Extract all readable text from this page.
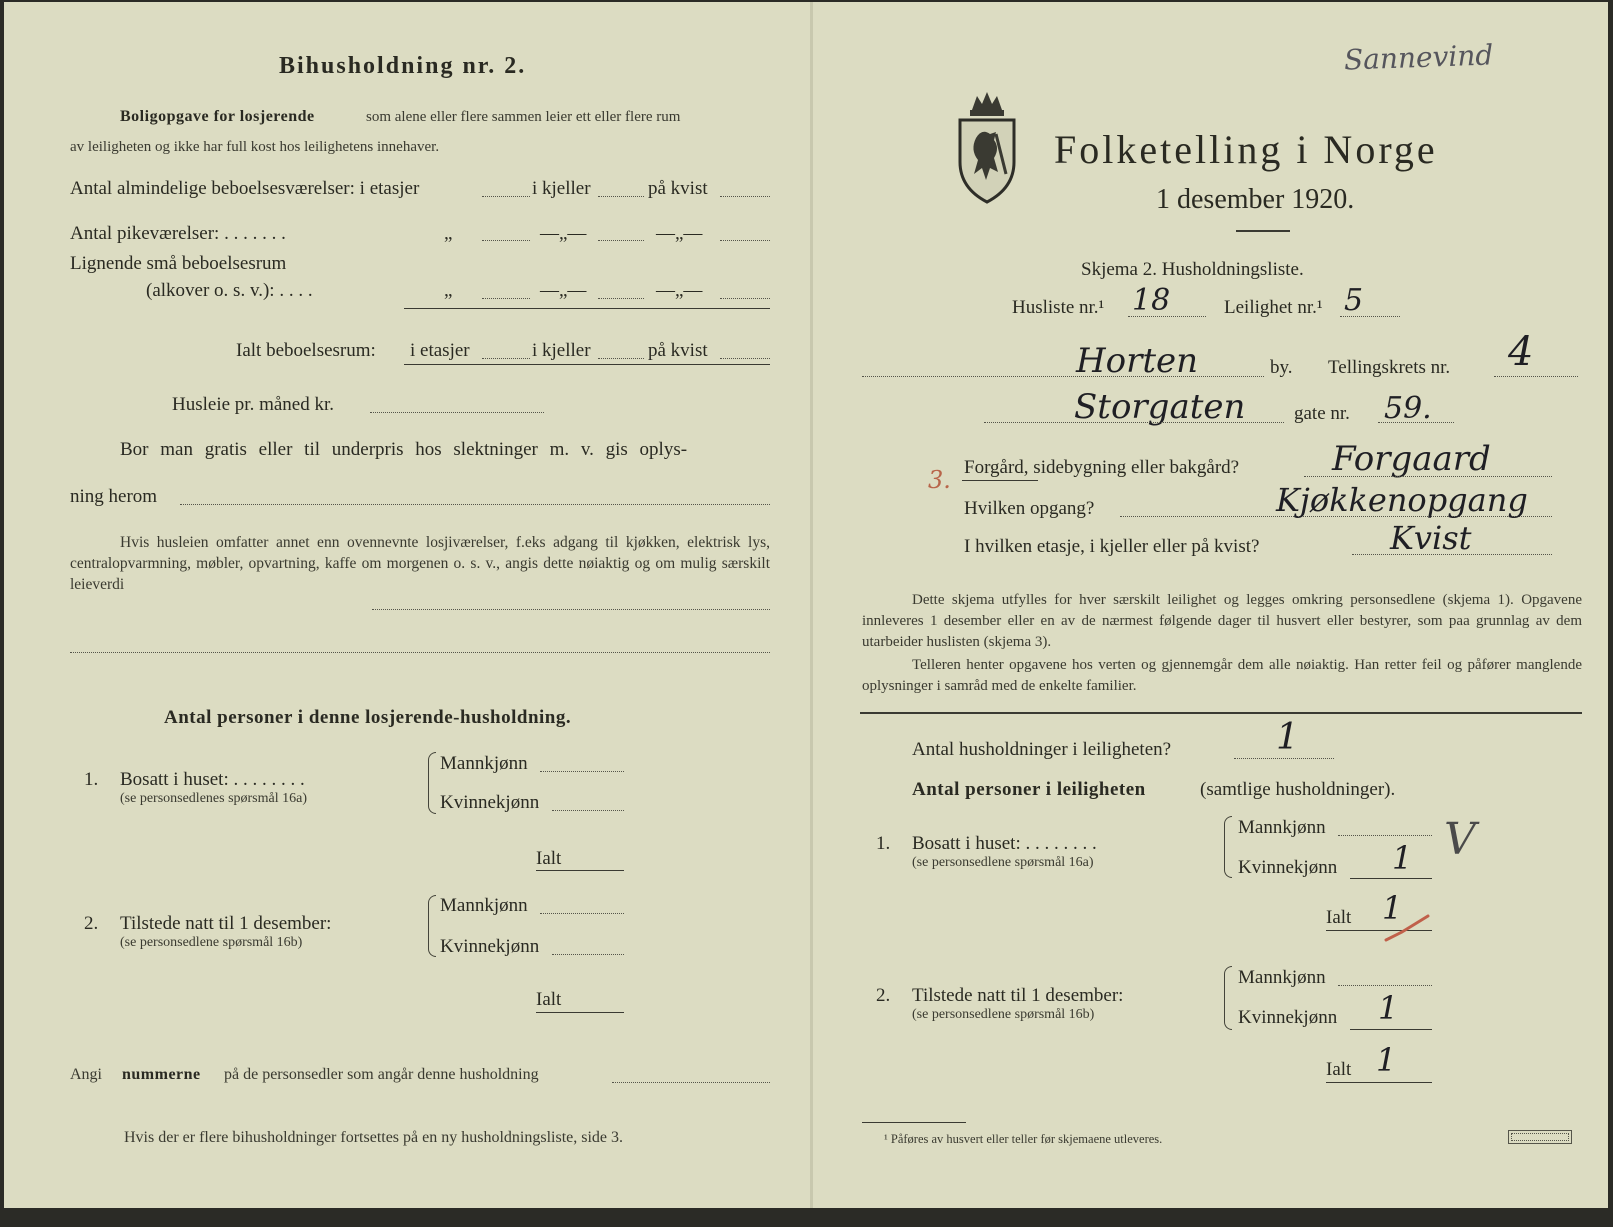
Bihusholdning nr. 2.
Boligopgave for losjerende	som alene eller flere sammen leier ett eller flere rum
av leiligheten og ikke har full kost hos leilighetens innehaver.
Antal almindelige beboelsesværelser: i etasjer	i kjeller	på kvist
Antal pikeværelser: . . . . . . .	„	—„—	—„—
Lignende små beboelsesrum
(alkover o. s. v.): . . . .	„	—„—	—„—
Ialt beboelsesrum: i etasjer	i kjeller	på kvist
Husleie pr. måned kr.
Bor man gratis eller til underpris hos slektninger m. v. gis oplys-
ning herom
Hvis husleien omfatter annet enn ovennevnte losjiværelser, f.eks adgang til kjøkken, elektrisk lys, centralopvarmning, møbler, opvartning, kaffe om morgenen o. s. v., angis dette nøiaktig og om mulig særskilt leieverdi
Antal personer i denne losjerende-husholdning.
1. Bosatt i huset: . . . . . . . .
(se personsedlenes spørsmål 16a)
Mannkjønn
Kvinnekjønn
Ialt
2. Tilstede natt til 1 desember:
(se personsedlene spørsmål 16b)
Mannkjønn
Kvinnekjønn
Ialt
Angi nummerne på de personsedler som angår denne husholdning
Hvis der er flere bihusholdninger fortsettes på en ny husholdningsliste, side 3.
Sannevind
Folketelling i Norge
1 desember 1920.
Skjema 2. Husholdningsliste.
Husliste nr.¹ 18	Leilighet nr.¹ 5
Horten	by. Tellingskrets nr. 4
Storgaten	gate nr. 59.
3. Forgård, sidebygning eller bakgård?	Forgaard
Hvilken opgang?	Kjøkkenopgang
I hvilken etasje, i kjeller eller på kvist?	Kvist
Dette skjema utfylles for hver særskilt leilighet og legges omkring personsedlene (skjema 1). Opgavene innleveres 1 desember eller en av de nærmest følgende dager til husvert eller bestyrer, som paa grunnlag av dem utarbeider huslisten (skjema 3).
Telleren henter opgavene hos verten og gjennemgår dem alle nøiaktig. Han retter feil og påfører manglende oplysninger i samråd med de enkelte familier.
Antal husholdninger i leiligheten?	1
Antal personer i leiligheten	(samtlige husholdninger).
1. Bosatt i huset: . . . . . . . .
(se personsedlene spørsmål 16a)
Mannkjønn
Kvinnekjønn 1 V
Ialt 1
2. Tilstede natt til 1 desember:
(se personsedlene spørsmål 16b)
Mannkjønn
Kvinnekjønn 1
Ialt 1
¹ Påføres av husvert eller teller før skjemaene utleveres.
